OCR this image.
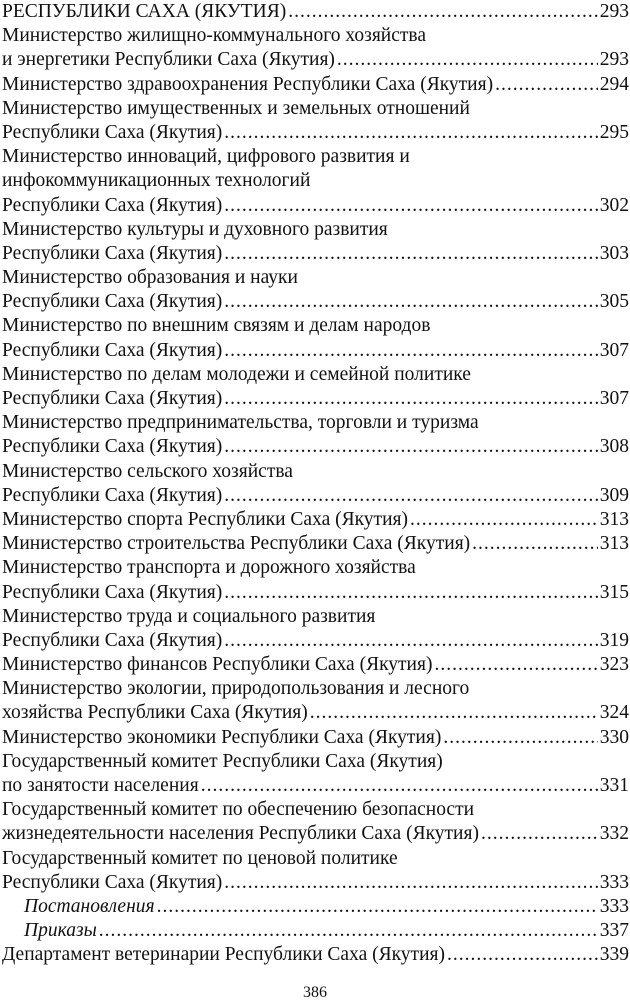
РЕСПУБЛИКИ САХА (ЯКУТИЯ) .....	293
Министерство жилищно-коммунального хозяйства
и энергетики Республики Саха (Якутия) .....	293
Министерство здравоохранения Республики Саха (Якутия) .....	294
Министерство имущественных и земельных отношений
Республики Саха (Якутия) .....	295
Министерство инноваций, цифрового развития и
инфокоммуникационных технологий
Республики Саха (Якутия) .....	302
Министерство культуры и духовного развития
Республики Саха (Якутия) .....	303
Министерство образования и науки
Республики Саха (Якутия) .....	305
Министерство по внешним связям и делам народов
Республики Саха (Якутия) .....	307
Министерство по делам молодежи и семейной политике
Республики Саха (Якутия) .....	307
Министерство предпринимательства, торговли и туризма
Республики Саха (Якутия) .....	308
Министерство сельского хозяйства
Республики Саха (Якутия) .....	309
Министерство спорта Республики Саха (Якутия) .....	313
Министерство строительства Республики Саха (Якутия) .....	313
Министерство транспорта и дорожного хозяйства
Республики Саха (Якутия) .....	315
Министерство труда и социального развития
Республики Саха (Якутия) .....	319
Министерство финансов Республики Саха (Якутия) .....	323
Министерство экологии, природопользования и лесного
хозяйства Республики Саха (Якутия) .....	324
Министерство экономики Республики Саха (Якутия) .....	330
Государственный комитет Республики Саха (Якутия)
по занятости населения .....	331
Государственный комитет по обеспечению безопасности
жизнедеятельности населения Республики Саха (Якутия) .....	332
Государственный комитет по ценовой политике
Республики Саха (Якутия) .....	333
Постановления .....	333
Приказы .....	337
Департамент ветеринарии Республики Саха (Якутия) .....	339
386
